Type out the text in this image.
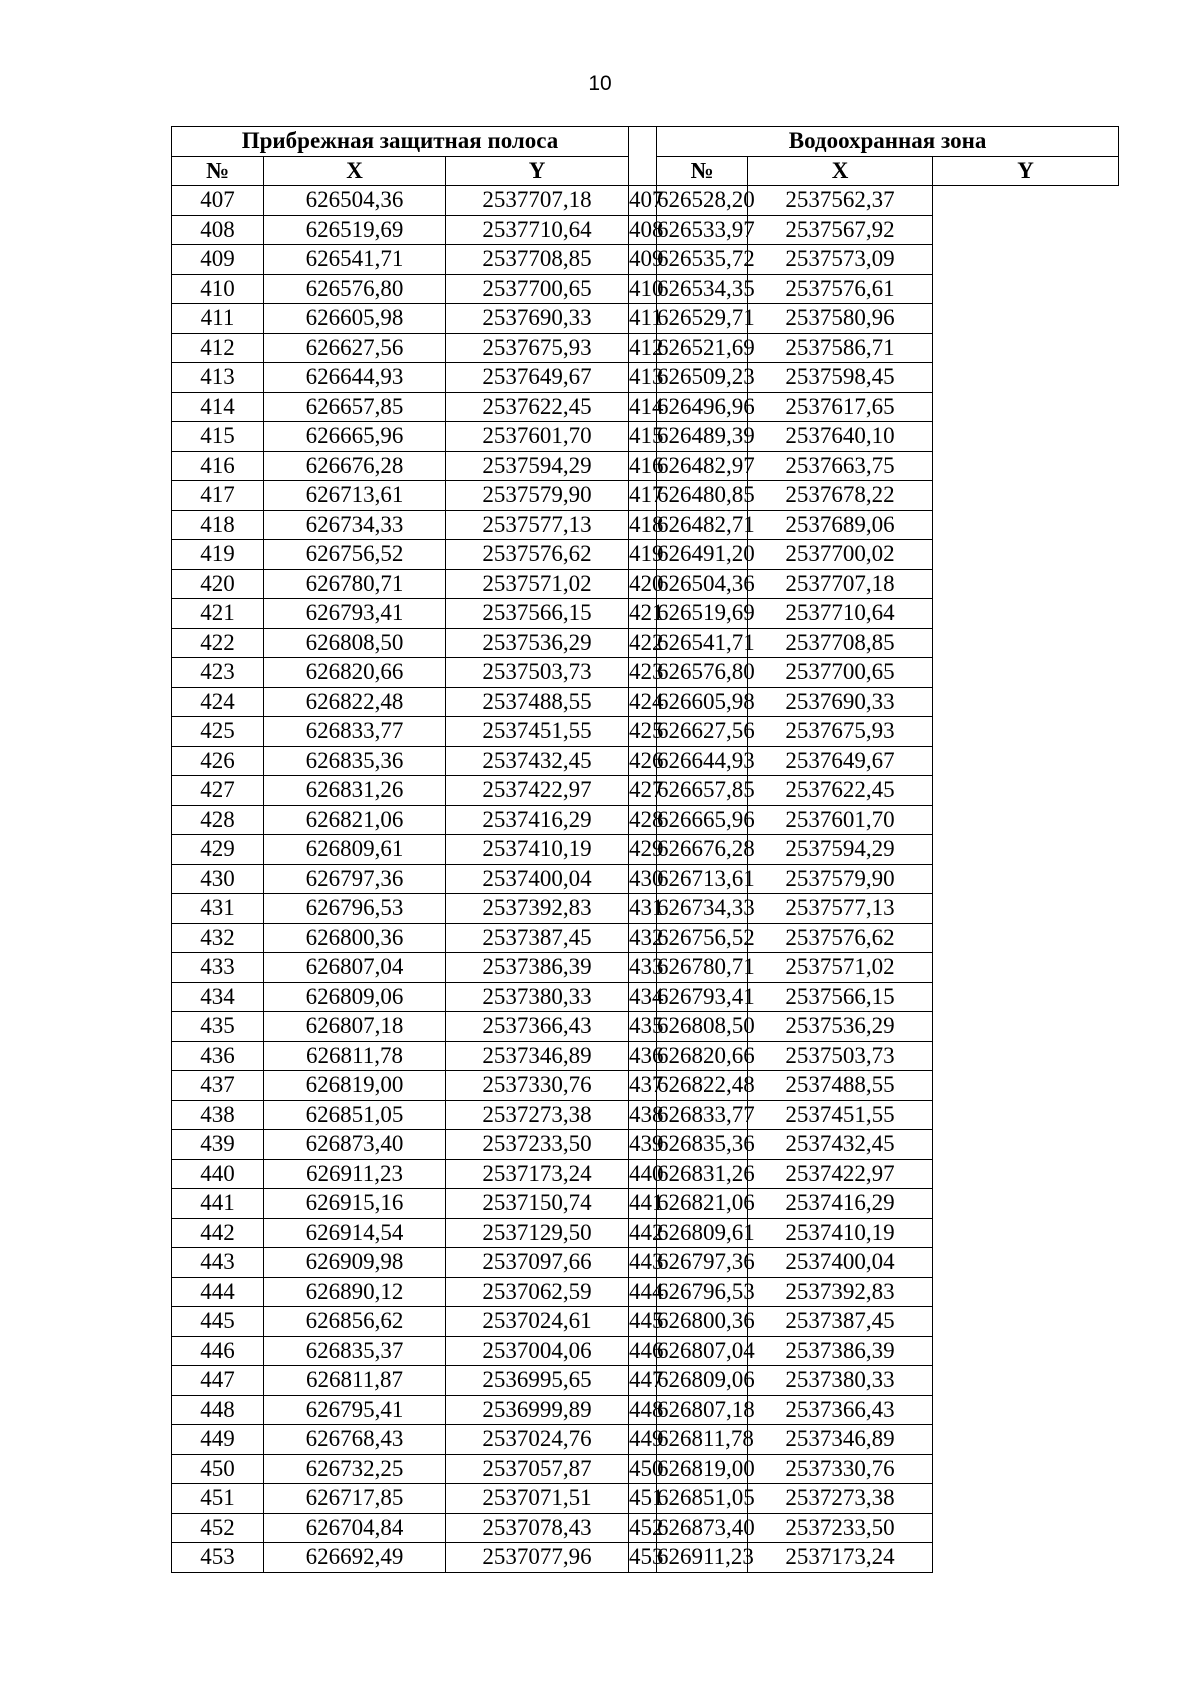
10
Прибрежная защитная полоса				Водоохранная зона		
№	X	Y		№	X	Y
407	626504,36	2537707,18	407	626528,20	2537562,37	
408	626519,69	2537710,64	408	626533,97	2537567,92	
409	626541,71	2537708,85	409	626535,72	2537573,09	
410	626576,80	2537700,65	410	626534,35	2537576,61	
411	626605,98	2537690,33	411	626529,71	2537580,96	
412	626627,56	2537675,93	412	626521,69	2537586,71	
413	626644,93	2537649,67	413	626509,23	2537598,45	
414	626657,85	2537622,45	414	626496,96	2537617,65	
415	626665,96	2537601,70	415	626489,39	2537640,10	
416	626676,28	2537594,29	416	626482,97	2537663,75	
417	626713,61	2537579,90	417	626480,85	2537678,22	
418	626734,33	2537577,13	418	626482,71	2537689,06	
419	626756,52	2537576,62	419	626491,20	2537700,02	
420	626780,71	2537571,02	420	626504,36	2537707,18	
421	626793,41	2537566,15	421	626519,69	2537710,64	
422	626808,50	2537536,29	422	626541,71	2537708,85	
423	626820,66	2537503,73	423	626576,80	2537700,65	
424	626822,48	2537488,55	424	626605,98	2537690,33	
425	626833,77	2537451,55	425	626627,56	2537675,93	
426	626835,36	2537432,45	426	626644,93	2537649,67	
427	626831,26	2537422,97	427	626657,85	2537622,45	
428	626821,06	2537416,29	428	626665,96	2537601,70	
429	626809,61	2537410,19	429	626676,28	2537594,29	
430	626797,36	2537400,04	430	626713,61	2537579,90	
431	626796,53	2537392,83	431	626734,33	2537577,13	
432	626800,36	2537387,45	432	626756,52	2537576,62	
433	626807,04	2537386,39	433	626780,71	2537571,02	
434	626809,06	2537380,33	434	626793,41	2537566,15	
435	626807,18	2537366,43	435	626808,50	2537536,29	
436	626811,78	2537346,89	436	626820,66	2537503,73	
437	626819,00	2537330,76	437	626822,48	2537488,55	
438	626851,05	2537273,38	438	626833,77	2537451,55	
439	626873,40	2537233,50	439	626835,36	2537432,45	
440	626911,23	2537173,24	440	626831,26	2537422,97	
441	626915,16	2537150,74	441	626821,06	2537416,29	
442	626914,54	2537129,50	442	626809,61	2537410,19	
443	626909,98	2537097,66	443	626797,36	2537400,04	
444	626890,12	2537062,59	444	626796,53	2537392,83	
445	626856,62	2537024,61	445	626800,36	2537387,45	
446	626835,37	2537004,06	446	626807,04	2537386,39	
447	626811,87	2536995,65	447	626809,06	2537380,33	
448	626795,41	2536999,89	448	626807,18	2537366,43	
449	626768,43	2537024,76	449	626811,78	2537346,89	
450	626732,25	2537057,87	450	626819,00	2537330,76	
451	626717,85	2537071,51	451	626851,05	2537273,38	
452	626704,84	2537078,43	452	626873,40	2537233,50	
453	626692,49	2537077,96	453	626911,23	2537173,24	
